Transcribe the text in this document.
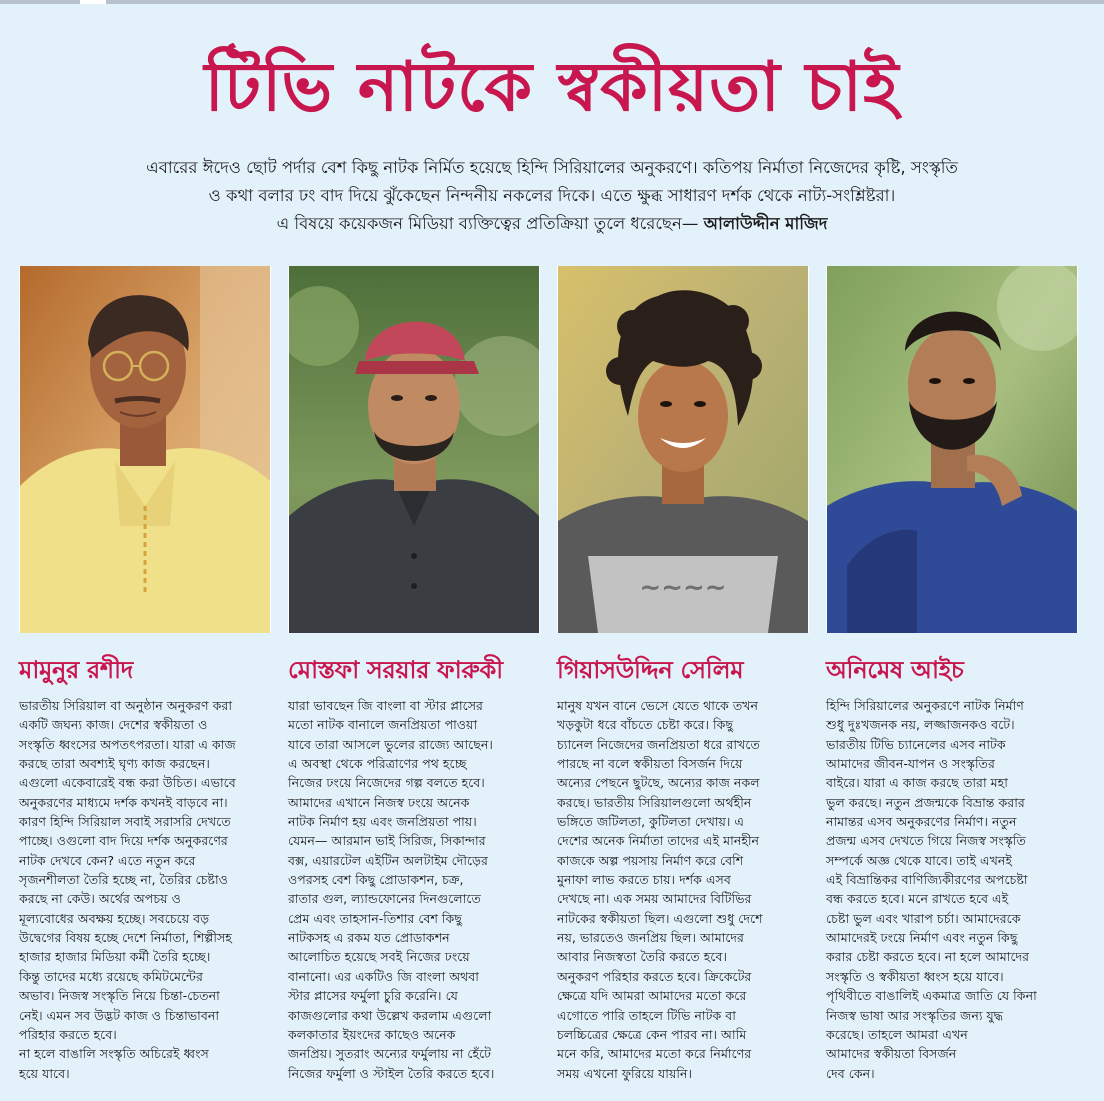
টিভি নাটকে স্বকীয়তা চাই
এবারের ঈদেও ছোট পর্দার বেশ কিছু নাটক নির্মিত হয়েছে হিন্দি সিরিয়ালের অনুকরণে। কতিপয় নির্মাতা নিজেদের কৃষ্টি, সংস্কৃতি
ও কথা বলার ঢং বাদ দিয়ে ঝুঁকেছেন নিন্দনীয় নকলের দিকে। এতে ক্ষুব্ধ সাধারণ দর্শক থেকে নাট্য-সংশ্লিষ্টরা।
এ বিষয়ে কয়েকজন মিডিয়া ব্যক্তিত্বের প্রতিক্রিয়া তুলে ধরেছেন— আলাউদ্দীন মাজিদ
~~~~
মামুনুর রশীদ	মোস্তফা সরয়ার ফারুকী গিয়াসউদ্দিন সেলিম	অনিমেষ আইচ
ভারতীয় সিরিয়াল বা অনুষ্ঠান অনুকরণ করা
একটি জঘন্য কাজ। দেশের স্বকীয়তা ও
সংস্কৃতি ধ্বংসের অপতৎপরতা। যারা এ কাজ
করছে তারা অবশ্যই ঘৃণ্য কাজ করছেন।
এগুলো একেবারেই বন্ধ করা উচিত। এভাবে
অনুকরণের মাধ্যমে দর্শক কখনই বাড়বে না।
কারণ হিন্দি সিরিয়াল সবাই সরাসরি দেখতে
পাচ্ছে। ওগুলো বাদ দিয়ে দর্শক অনুকরণের
নাটক দেখবে কেন? এতে নতুন করে
সৃজনশীলতা তৈরি হচ্ছে না, তৈরির চেষ্টাও
করছে না কেউ। অর্থের অপচয় ও
মূল্যবোধের অবক্ষয় হচ্ছে। সবচেয়ে বড়
উদ্বেগের বিষয় হচ্ছে দেশে নির্মাতা, শিল্পীসহ
হাজার হাজার মিডিয়া কর্মী তৈরি হচ্ছে।
কিন্তু তাদের মধ্যে রয়েছে কমিটমেন্টের
অভাব। নিজস্ব সংস্কৃতি নিয়ে চিন্তা-চেতনা
নেই। এমন সব উদ্ভট কাজ ও চিন্তাভাবনা
পরিহার করতে হবে।
না হলে বাঙালি সংস্কৃতি অচিরেই ধ্বংস
হয়ে যাবে।
যারা ভাবছেন জি বাংলা বা স্টার প্লাসের
মতো নাটক বানালে জনপ্রিয়তা পাওয়া
যাবে তারা আসলে ভুলের রাজ্যে আছেন।
এ অবস্থা থেকে পরিত্রাণের পথ হচ্ছে
নিজের ঢংয়ে নিজেদের গল্প বলতে হবে।
আমাদের এখানে নিজস্ব ঢংয়ে অনেক
নাটক নির্মাণ হয় এবং জনপ্রিয়তা পায়।
যেমন— আরমান ভাই সিরিজ, সিকান্দার
বক্স, এয়ারটেল এইটিন অলটাইম দৌড়ের
ওপরসহ বেশ কিছু প্রোডাকশন, চক্র,
রাতার গুল, ল্যান্ডফোনের দিনগুলোতে
প্রেম এবং তাহসান-তিশার বেশ কিছু
নাটকসহ এ রকম যত প্রোডাকশন
আলোচিত হয়েছে সবই নিজের ঢংয়ে
বানানো। এর একটিও জি বাংলা অথবা
স্টার প্লাসের ফর্মুলা চুরি করেনি। যে
কাজগুলোর কথা উল্লেখ করলাম এগুলো
কলকাতার ইয়ংদের কাছেও অনেক
জনপ্রিয়। সুতরাং অন্যের ফর্মুলায় না হেঁটে
নিজের ফর্মুলা ও স্টাইল তৈরি করতে হবে।
মানুষ যখন বানে ভেসে যেতে থাকে তখন
খড়কুটা ধরে বাঁচতে চেষ্টা করে। কিছু
চ্যানেল নিজেদের জনপ্রিয়তা ধরে রাখতে
পারছে না বলে স্বকীয়তা বিসর্জন দিয়ে
অন্যের পেছনে ছুটছে, অন্যের কাজ নকল
করছে। ভারতীয় সিরিয়ালগুলো অর্থহীন
ভঙ্গিতে জটিলতা, কুটিলতা দেখায়। এ
দেশের অনেক নির্মাতা তাদের এই মানহীন
কাজকে অল্প পয়সায় নির্মাণ করে বেশি
মুনাফা লাভ করতে চায়। দর্শক এসব
দেখছে না। এক সময় আমাদের বিটিভির
নাটকের স্বকীয়তা ছিল। এগুলো শুধু দেশে
নয়, ভারতেও জনপ্রিয় ছিল। আমাদের
আবার নিজস্বতা তৈরি করতে হবে।
অনুকরণ পরিহার করতে হবে। ক্রিকেটের
ক্ষেত্রে যদি আমরা আমাদের মতো করে
এগোতে পারি তাহলে টিভি নাটক বা
চলচ্চিত্রের ক্ষেত্রে কেন পারব না। আমি
মনে করি, আমাদের মতো করে নির্মাণের
সময় এখনো ফুরিয়ে যায়নি।
হিন্দি সিরিয়ালের অনুকরণে নাটক নির্মাণ
শুধু দুঃখজনক নয়, লজ্জাজনকও বটে।
ভারতীয় টিভি চ্যানেলের এসব নাটক
আমাদের জীবন-যাপন ও সংস্কৃতির
বাইরে। যারা এ কাজ করছে তারা মহা
ভুল করছে। নতুন প্রজন্মকে বিভ্রান্ত করার
নামান্তর এসব অনুকরণের নির্মাণ। নতুন
প্রজন্ম এসব দেখতে গিয়ে নিজস্ব সংস্কৃতি
সম্পর্কে অজ্ঞ থেকে যাবে। তাই এখনই
এই বিভ্রান্তিকর বাণিজ্যিকীরণের অপচেষ্টা
বন্ধ করতে হবে। মনে রাখতে হবে এই
চেষ্টা ভুল এবং খারাপ চর্চা। আমাদেরকে
আমাদেরই ঢংয়ে নির্মাণ এবং নতুন কিছু
করার চেষ্টা করতে হবে। না হলে আমাদের
সংস্কৃতি ও স্বকীয়তা ধ্বংস হয়ে যাবে।
পৃথিবীতে বাঙালিই একমাত্র জাতি যে কিনা
নিজস্ব ভাষা আর সংস্কৃতির জন্য যুদ্ধ
করেছে। তাহলে আমরা এখন
আমাদের স্বকীয়তা বিসর্জন
দেব কেন।
